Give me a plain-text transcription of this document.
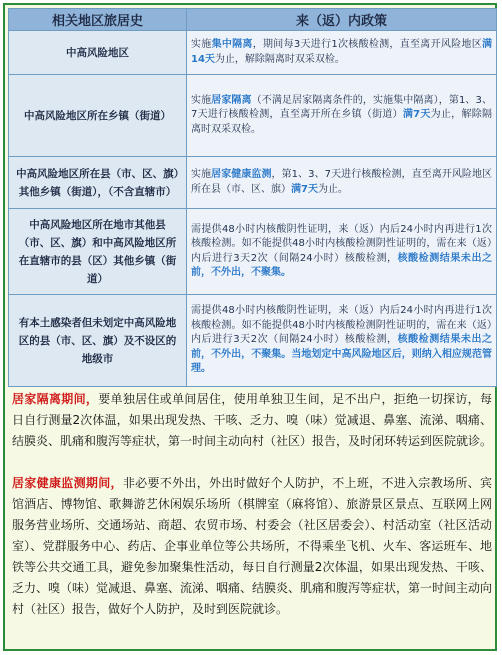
相关地区旅居史	来（返）内政策
中高风险地区	实施集中隔离，期间每3天进行1次核酸检测，直至离开风险地区满14天为止，解除隔离时双采双检。
中高风险地区所在乡镇（街道）	实施居家隔离（不满足居家隔离条件的，实施集中隔离），第1、3、7天进行核酸检测，直至离开所在乡镇（街道）满7天为止，解除隔离时双采双检。
中高风险地区所在县（市、区、旗）其他乡镇（街道），（不含直辖市）	实施居家健康监测，第1、3、7天进行核酸检测，直至离开风险地区所在县（市、区、旗）满7天为止。
中高风险地区所在地市其他县（市、区、旗）和中高风险地区所在直辖市的县（区）其他乡镇（街道）	需提供48小时内核酸阴性证明，来（返）内后24小时内再进行1次核酸检测。如不能提供48小时内核酸检测阴性证明的，需在来（返）内后进行3天2次（间隔24小时）核酸检测，核酸检测结果未出之前，不外出，不聚集。
有本土感染者但未划定中高风险地区的县（市、区、旗）及不设区的地级市	需提供48小时内核酸阴性证明，来（返）内后24小时内再进行1次核酸检测。如不能提供48小时内核酸检测阴性证明的，需在来（返）内后进行3天2次（间隔24小时）核酸检测，核酸检测结果未出之前，不外出，不聚集。当地划定中高风险地区后，则纳入相应规范管理。

居家隔离期间，要单独居住或单间居住，使用单独卫生间，足不出户，拒绝一切探访，每日自行测量2次体温，如果出现发热、干咳、乏力、嗅（味）觉减退、鼻塞、流涕、咽痛、结膜炎、肌痛和腹泻等症状，第一时间主动向村（社区）报告，及时闭环转运到医院就诊。

居家健康监测期间，非必要不外出，外出时做好个人防护，不上班，不进入宗教场所、宾馆酒店、博物馆、歌舞游艺休闲娱乐场所（棋牌室（麻将馆）、旅游景区景点、互联网上网服务营业场所、交通场站、商超、农贸市场、村委会（社区居委会）、村活动室（社区活动室）、党群服务中心、药店、企事业单位等公共场所，不得乘坐飞机、火车、客运班车、地铁等公共交通工具，避免参加聚集性活动，每日自行测量2次体温，如果出现发热、干咳、乏力、嗅（味）觉减退、鼻塞、流涕、咽痛、结膜炎、肌痛和腹泻等症状，第一时间主动向村（社区）报告，做好个人防护，及时到医院就诊。
